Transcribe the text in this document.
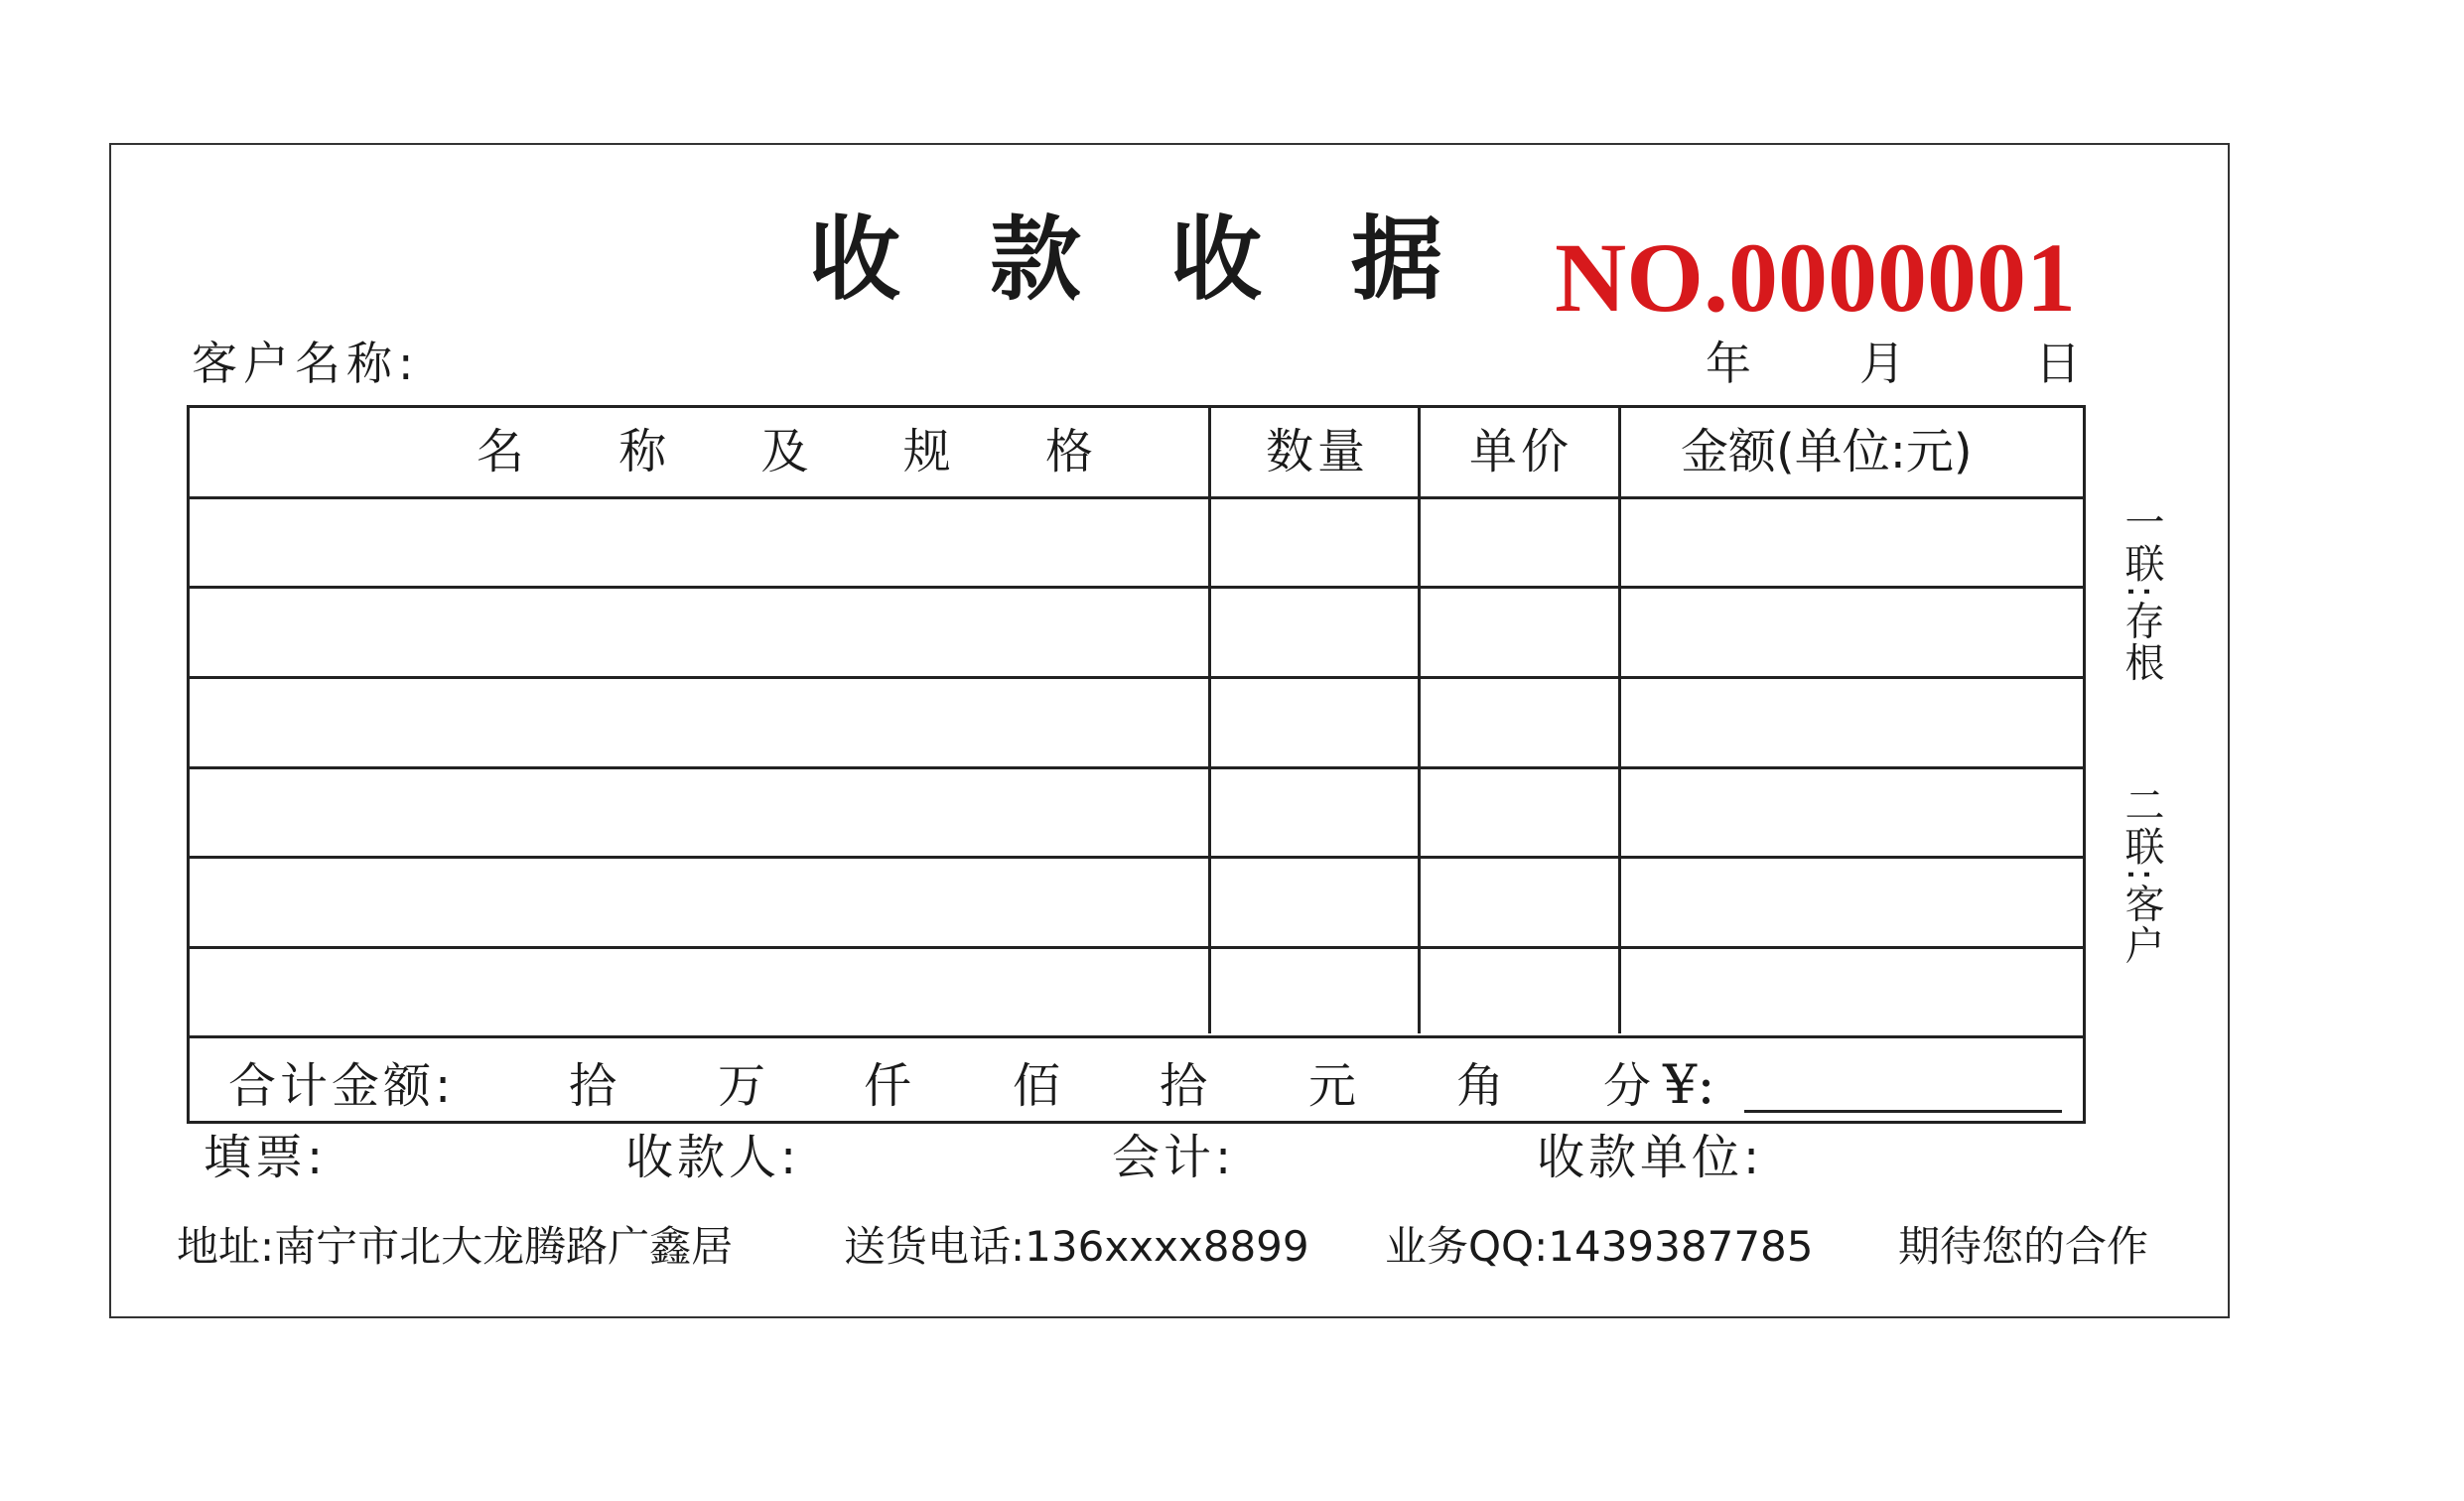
收款收据 NO.0000001
客户名称:	年 月	日
名 称 及 规 格	数量 单价 金额(单位:元)
合计金额: 拾 万 仟 佰 拾 元 角 分 ¥:
填票:	收款人:	会计:	收款单位:
地址:南宁市北大龙腾路广鑫居	送货电话:136xxxx8899 业务QQ:1439387785 期待您的合作
一联:存根
二联:客户
